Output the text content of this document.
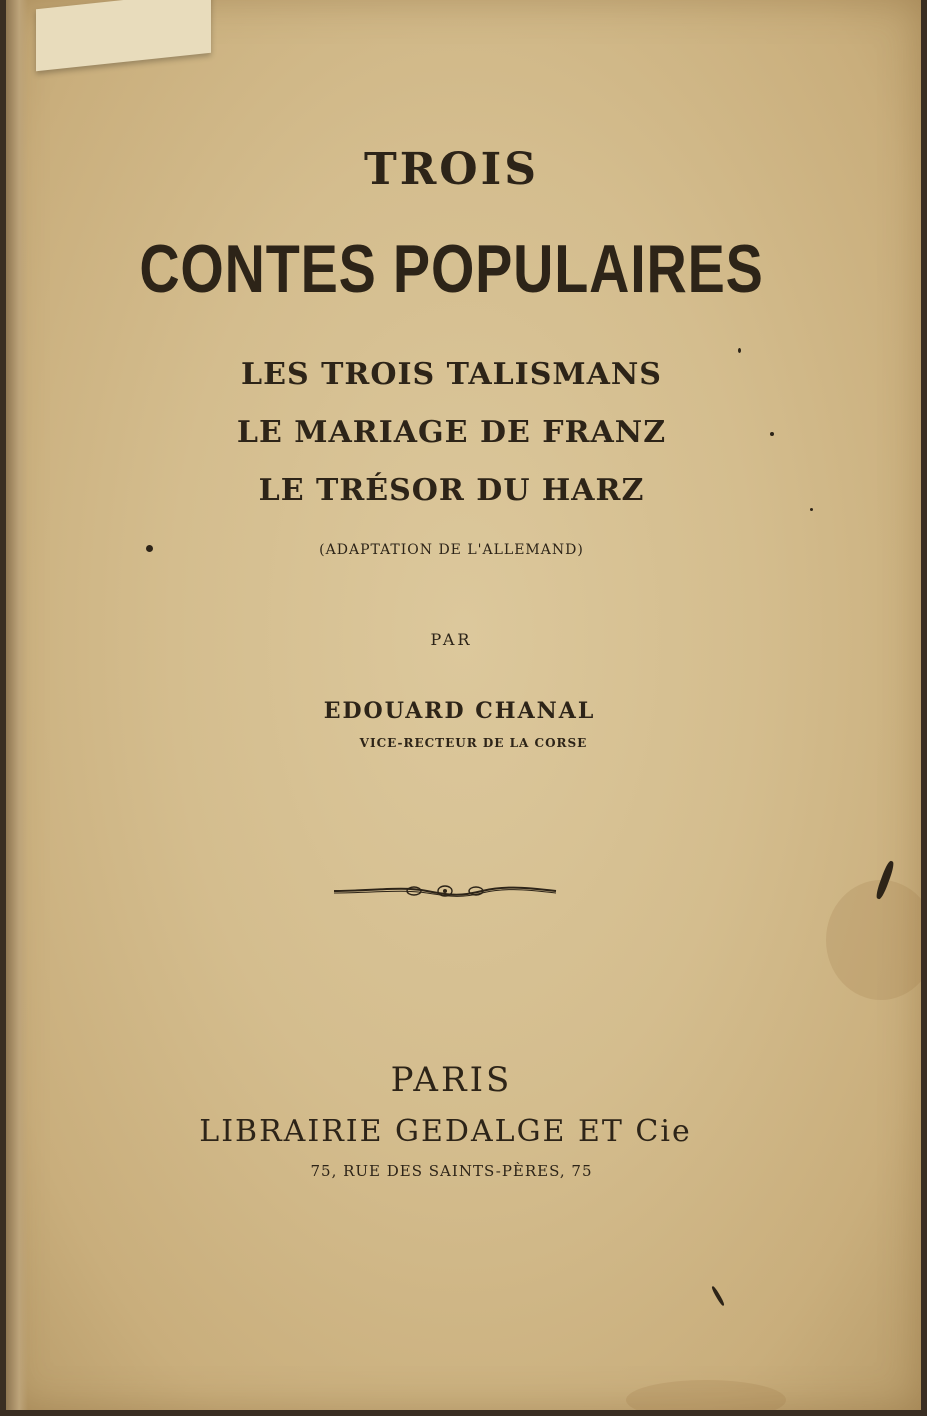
TROIS
CONTES POPULAIRES
LES TROIS TALISMANS
LE MARIAGE DE FRANZ
LE TRÉSOR DU HARZ
(ADAPTATION DE L'ALLEMAND)
PAR
EDOUARD CHANAL
VICE-RECTEUR DE LA CORSE
PARIS
LIBRAIRIE GEDALGE ET Cie
75, RUE DES SAINTS-PÈRES, 75
